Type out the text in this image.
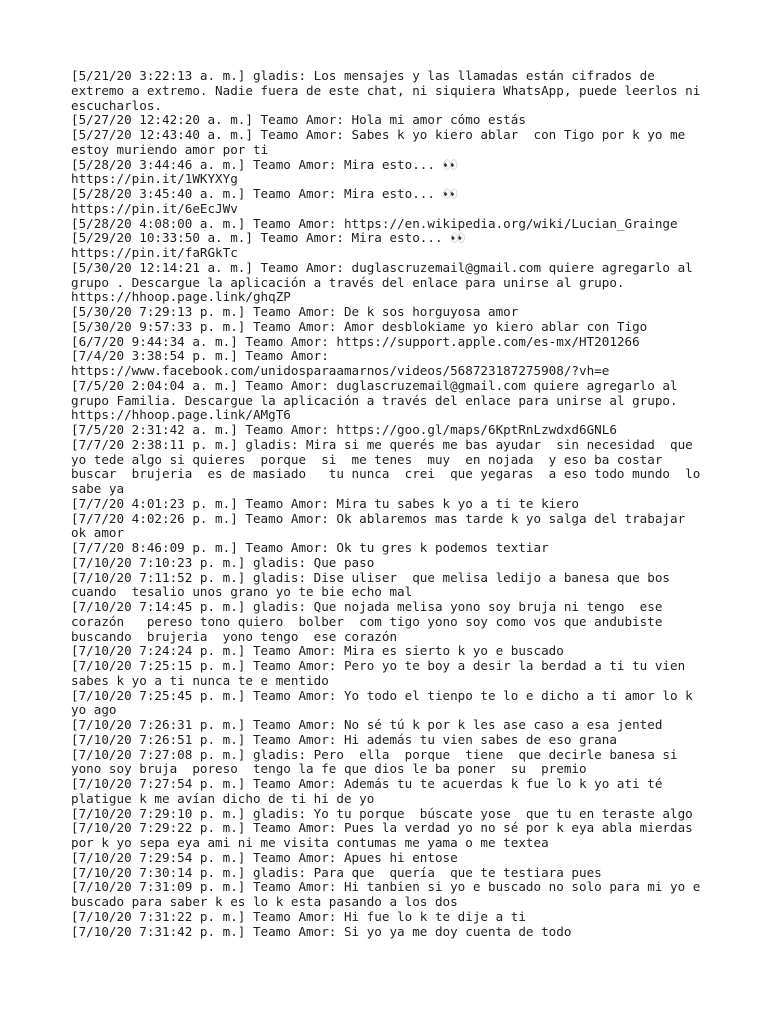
[5/21/20 3:22:13 a. m.] gladis: Los mensajes y las llamadas están cifrados de
extremo a extremo. Nadie fuera de este chat, ni siquiera WhatsApp, puede leerlos ni
escucharlos.
[5/27/20 12:42:20 a. m.] Teamo Amor: Hola mi amor cómo estás
[5/27/20 12:43:40 a. m.] Teamo Amor: Sabes k yo kiero ablar  con Tigo por k yo me
estoy muriendo amor por ti
[5/28/20 3:44:46 a. m.] Teamo Amor: Mira esto... 👀
https://pin.it/1WKYXYg
[5/28/20 3:45:40 a. m.] Teamo Amor: Mira esto... 👀
https://pin.it/6eEcJWv
[5/28/20 4:08:00 a. m.] Teamo Amor: https://en.wikipedia.org/wiki/Lucian_Grainge
[5/29/20 10:33:50 a. m.] Teamo Amor: Mira esto... 👀
https://pin.it/faRGkTc
[5/30/20 12:14:21 a. m.] Teamo Amor: duglascruzemail@gmail.com quiere agregarlo al
grupo . Descargue la aplicación a través del enlace para unirse al grupo.
https://hhoop.page.link/ghqZP
[5/30/20 7:29:13 p. m.] Teamo Amor: De k sos horguyosa amor
[5/30/20 9:57:33 p. m.] Teamo Amor: Amor desblokiame yo kiero ablar con Tigo
[6/7/20 9:44:34 a. m.] Teamo Amor: https://support.apple.com/es-mx/HT201266
[7/4/20 3:38:54 p. m.] Teamo Amor:
https://www.facebook.com/unidosparaamarnos/videos/568723187275908/?vh=e
[7/5/20 2:04:04 a. m.] Teamo Amor: duglascruzemail@gmail.com quiere agregarlo al
grupo Familia. Descargue la aplicación a través del enlace para unirse al grupo.
https://hhoop.page.link/AMgT6
[7/5/20 2:31:42 a. m.] Teamo Amor: https://goo.gl/maps/6KptRnLzwdxd6GNL6
[7/7/20 2:38:11 p. m.] gladis: Mira si me querés me bas ayudar  sin necesidad  que
yo tede algo si quieres  porque  si  me tenes  muy  en nojada  y eso ba costar
buscar  brujeria  es de masiado   tu nunca  crei  que yegaras  a eso todo mundo  lo
sabe ya
[7/7/20 4:01:23 p. m.] Teamo Amor: Mira tu sabes k yo a ti te kiero
[7/7/20 4:02:26 p. m.] Teamo Amor: Ok ablaremos mas tarde k yo salga del trabajar
ok amor
[7/7/20 8:46:09 p. m.] Teamo Amor: Ok tu gres k podemos textiar
[7/10/20 7:10:23 p. m.] gladis: Que paso
[7/10/20 7:11:52 p. m.] gladis: Dise uliser  que melisa ledijo a banesa que bos
cuando  tesalio unos grano yo te bie echo mal
[7/10/20 7:14:45 p. m.] gladis: Que nojada melisa yono soy bruja ni tengo  ese
corazón   pereso tono quiero  bolber  com tigo yono soy como vos que andubiste
buscando  brujeria  yono tengo  ese corazón
[7/10/20 7:24:24 p. m.] Teamo Amor: Mira es sierto k yo e buscado
[7/10/20 7:25:15 p. m.] Teamo Amor: Pero yo te boy a desir la berdad a ti tu vien
sabes k yo a ti nunca te e mentido
[7/10/20 7:25:45 p. m.] Teamo Amor: Yo todo el tienpo te lo e dicho a ti amor lo k
yo ago
[7/10/20 7:26:31 p. m.] Teamo Amor: No sé tú k por k les ase caso a esa jented
[7/10/20 7:26:51 p. m.] Teamo Amor: Hi además tu vien sabes de eso grana
[7/10/20 7:27:08 p. m.] gladis: Pero  ella  porque  tiene  que decirle banesa si
yono soy bruja  poreso  tengo la fe que dios le ba poner  su  premio
[7/10/20 7:27:54 p. m.] Teamo Amor: Además tu te acuerdas k fue lo k yo ati té
platigue k me avían dicho de ti hi de yo
[7/10/20 7:29:10 p. m.] gladis: Yo tu porque  búscate yose  que tu en teraste algo
[7/10/20 7:29:22 p. m.] Teamo Amor: Pues la verdad yo no sé por k eya abla mierdas
por k yo sepa eya ami ni me visita contumas me yama o me textea
[7/10/20 7:29:54 p. m.] Teamo Amor: Apues hi entose
[7/10/20 7:30:14 p. m.] gladis: Para que  quería  que te testiara pues
[7/10/20 7:31:09 p. m.] Teamo Amor: Hi tanbien si yo e buscado no solo para mi yo e
buscado para saber k es lo k esta pasando a los dos
[7/10/20 7:31:22 p. m.] Teamo Amor: Hi fue lo k te dije a ti
[7/10/20 7:31:42 p. m.] Teamo Amor: Si yo ya me doy cuenta de todo
